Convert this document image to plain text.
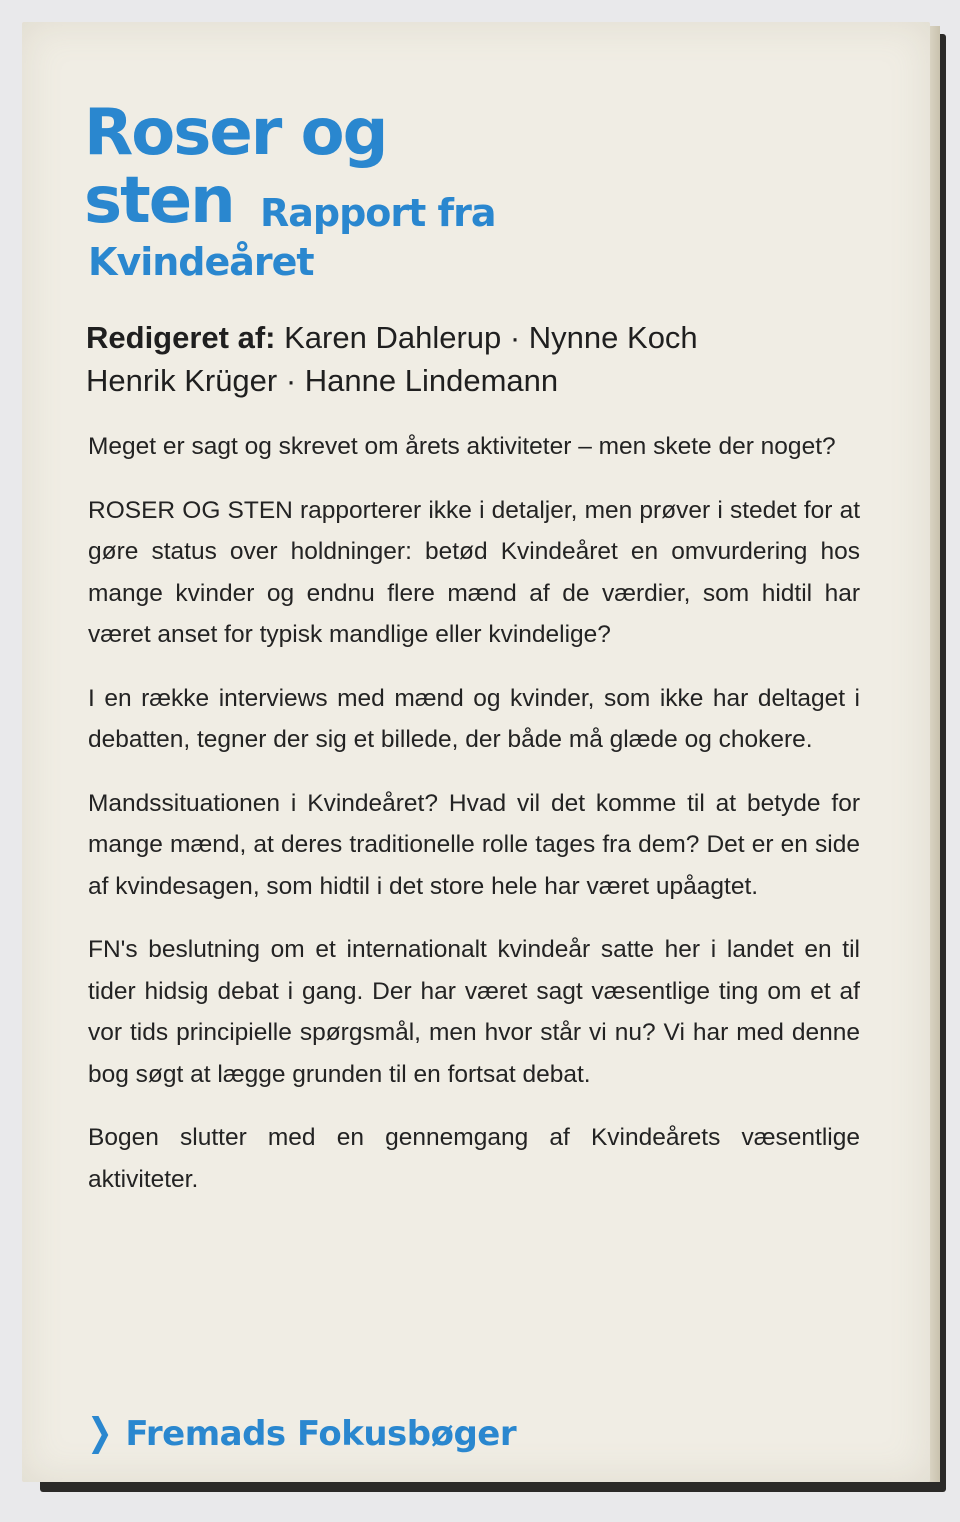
Roser og
sten Rapport fra
Kvindeåret
Redigeret af: Karen Dahlerup · Nynne Koch
Henrik Krüger · Hanne Lindemann

Meget er sagt og skrevet om årets aktiviteter – men skete der noget?

ROSER OG STEN rapporterer ikke i detaljer, men prøver i stedet for at gøre status over holdninger: betød Kvindeåret en omvurdering hos mange kvinder og endnu flere mænd af de værdier, som hidtil har været anset for typisk mandlige eller kvindelige?

I en række interviews med mænd og kvinder, som ikke har deltaget i debatten, tegner der sig et billede, der både må glæde og chokere.

Mandssituationen i Kvindeåret? Hvad vil det komme til at betyde for mange mænd, at deres traditionelle rolle tages fra dem? Det er en side af kvindesagen, som hidtil i det store hele har været upåagtet.

FN's beslutning om et internationalt kvindeår satte her i landet en til tider hidsig debat i gang. Der har været sagt væsentlige ting om et af vor tids principielle spørgsmål, men hvor står vi nu? Vi har med denne bog søgt at lægge grunden til en fortsat debat.

Bogen slutter med en gennemgang af Kvindeårets væsentlige aktiviteter.

❯ Fremads Fokusbøger
